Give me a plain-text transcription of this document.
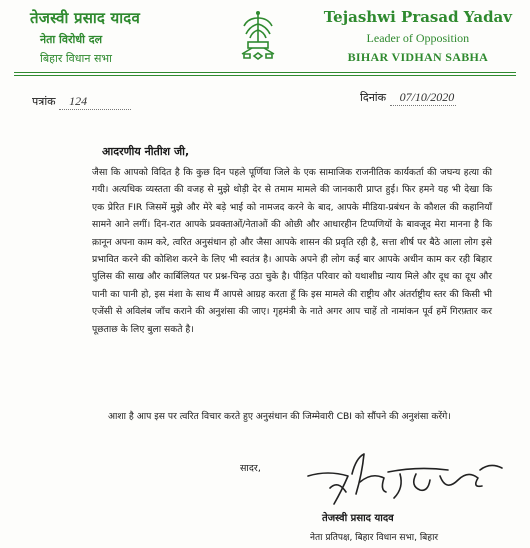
तेजस्वी प्रसाद यादव
नेता विरोधी दल
बिहार विधान सभा
Tejashwi Prasad Yadav
Leader of Opposition
BIHAR VIDHAN SABHA
पत्रांक 124	दिनांक 07/10/2020
आदरणीय नीतीश जी,
जैसा कि आपको विदित है कि कुछ दिन पहले पूर्णिया जिले के एक सामाजिक राजनीतिक कार्यकर्ता की जघन्य हत्या की गयी। अत्यधिक व्यस्तता की वजह से मुझे थोड़ी देर से तमाम मामले की जानकारी प्राप्त हुई। फिर हमने यह भी देखा कि एक प्रेरित FIR जिसमें मुझे और मेरे बड़े भाई को नामजद करने के बाद, आपके मीडिया-प्रबंधन के कौशल की कहानियाँ सामने आने लगीं। दिन-रात आपके प्रवक्ताओं/नेताओं की ओछी और आधारहीन टिप्पणियों के बावजूद मेरा मानना है कि क़ानून अपना काम करे, त्वरित अनुसंधान हो और जैसा आपके शासन की प्रवृति रही है, सत्ता शीर्ष पर बैठे आला लोग इसे प्रभावित करने की कोशिश करने के लिए भी स्वतंत्र है। आपके अपने ही लोग कई बार आपके अधीन काम कर रही बिहार पुलिस की साख और कार्बिलियत पर प्रश्न-चिन्ह उठा चुके है। पीड़ित परिवार को यथाशीघ्र न्याय मिले और दूध का दूध और पानी का पानी हो, इस मंशा के साथ मैं आपसे आग्रह करता हूँ कि इस मामले की राष्ट्रीय और अंतर्राष्ट्रीय स्तर की किसी भी एजेंसी से अविलंब जाँच कराने की अनुशंसा की जाए। गृहमंत्री के नाते अगर आप चाहें तो नामांकन पूर्व हमें गिरफ़्तार कर पूछताछ के लिए बुला सकते है।
आशा है आप इस पर त्वरित विचार करते हुए अनुसंधान की जिम्मेवारी CBI को सौंपने की अनुशंसा करेंगे।
सादर,
तेजस्वी प्रसाद यादव
नेता प्रतिपक्ष, बिहार विधान सभा, बिहार
